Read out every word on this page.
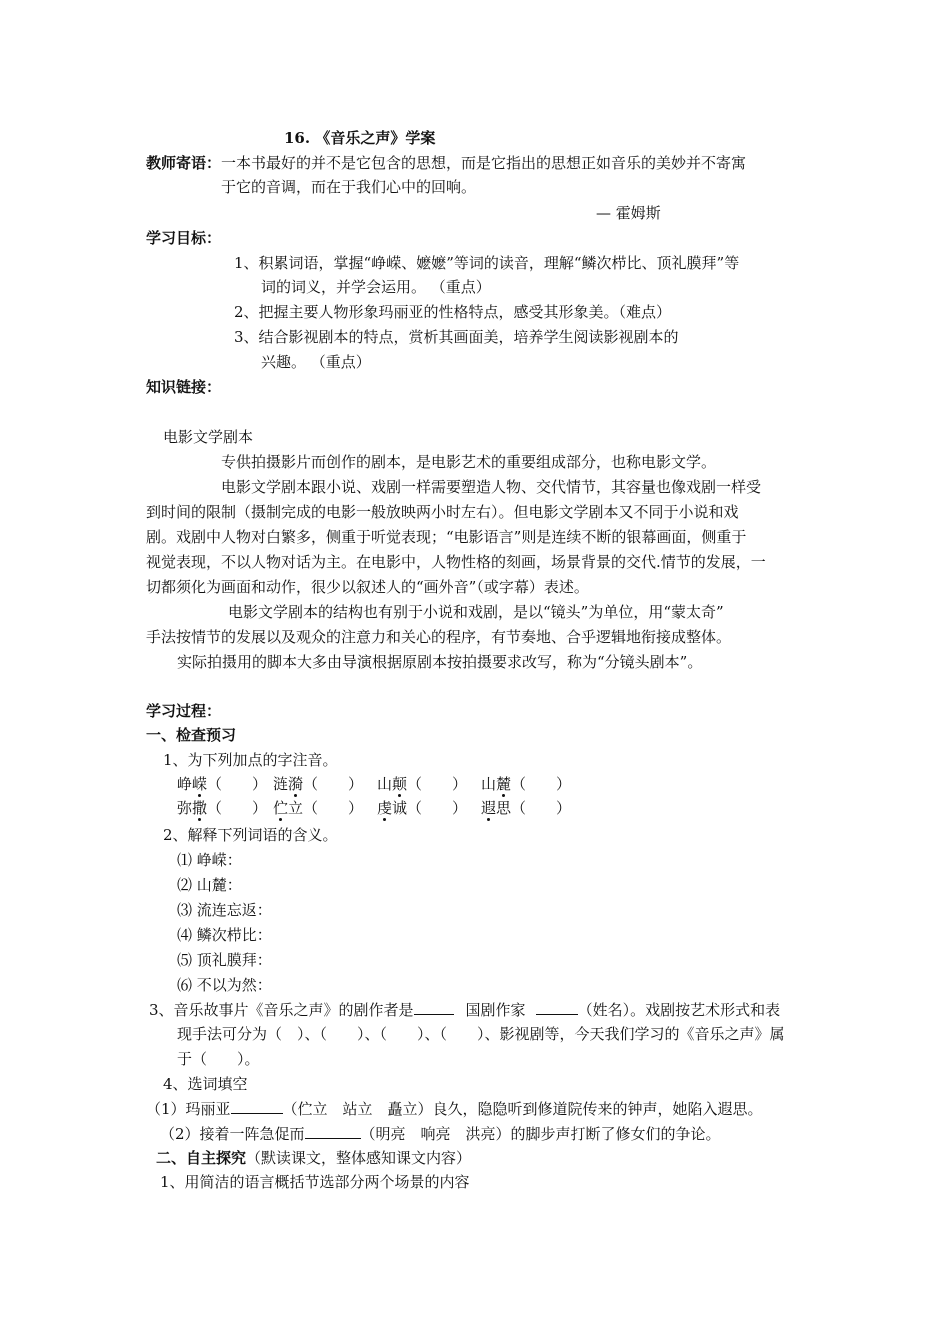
16. 《音乐之声》学案
教师寄语：一本书最好的并不是它包含的思想，而是它指出的思想正如音乐的美妙并不寄寓
于它的音调，而在于我们心中的回响。
— 霍姆斯
学习目标：
1、积累词语，掌握“峥嵘、嬷嬷”等词的读音，理解“鳞次栉比、顶礼膜拜”等
词的词义，并学会运用。 （重点）
2、把握主要人物形象玛丽亚的性格特点，感受其形象美。（难点）
3、结合影视剧本的特点，赏析其画面美，培养学生阅读影视剧本的
兴趣。 （重点）
知识链接：
电影文学剧本
专供拍摄影片而创作的剧本，是电影艺术的重要组成部分，也称电影文学。
电影文学剧本跟小说、戏剧一样需要塑造人物、交代情节，其容量也像戏剧一样受
到时间的限制（摄制完成的电影一般放映两小时左右）。但电影文学剧本又不同于小说和戏
剧。戏剧中人物对白繁多，侧重于听觉表现；“电影语言”则是连续不断的银幕画面，侧重于
视觉表现，不以人物对话为主。在电影中，人物性格的刻画，场景背景的交代.情节的发展，一
切都须化为画面和动作，很少以叙述人的“画外音”（或字幕）表述。
电影文学剧本的结构也有别于小说和戏剧，是以“镜头”为单位，用“蒙太奇”
手法按情节的发展以及观众的注意力和关心的程序，有节奏地、合乎逻辑地衔接成整体。
实际拍摄用的脚本大多由导演根据原剧本按拍摄要求改写，称为“分镜头剧本”。
学习过程：
一、检查预习
1、为下列加点的字注音。
峥嵘（　　） 涟漪（　　） 山颠（　　） 山麓（　　）
弥撒（　　） 伫立（　　） 虔诚（　　） 遐思（　　）
2、解释下列词语的含义。
⑴ 峥嵘：
⑵ 山麓：
⑶ 流连忘返：
⑷ 鳞次栉比：
⑸ 顶礼膜拜：
⑹ 不以为然：
3、音乐故事片《音乐之声》的剧作者是	国剧作家	（姓名）。戏剧按艺术形式和表
现手法可分为（　）、（　　）、（　　）、（　　）、影视剧等，今天我们学习的《音乐之声》属
于（　　）。
4、选词填空
（1）玛丽亚	（伫立　站立　矗立）良久，隐隐听到修道院传来的钟声，她陷入遐思。
（2）接着一阵急促而	（明亮　响亮　洪亮）的脚步声打断了修女们的争论。
二、自主探究（默读课文，整体感知课文内容）
1、用简洁的语言概括节选部分两个场景的内容
